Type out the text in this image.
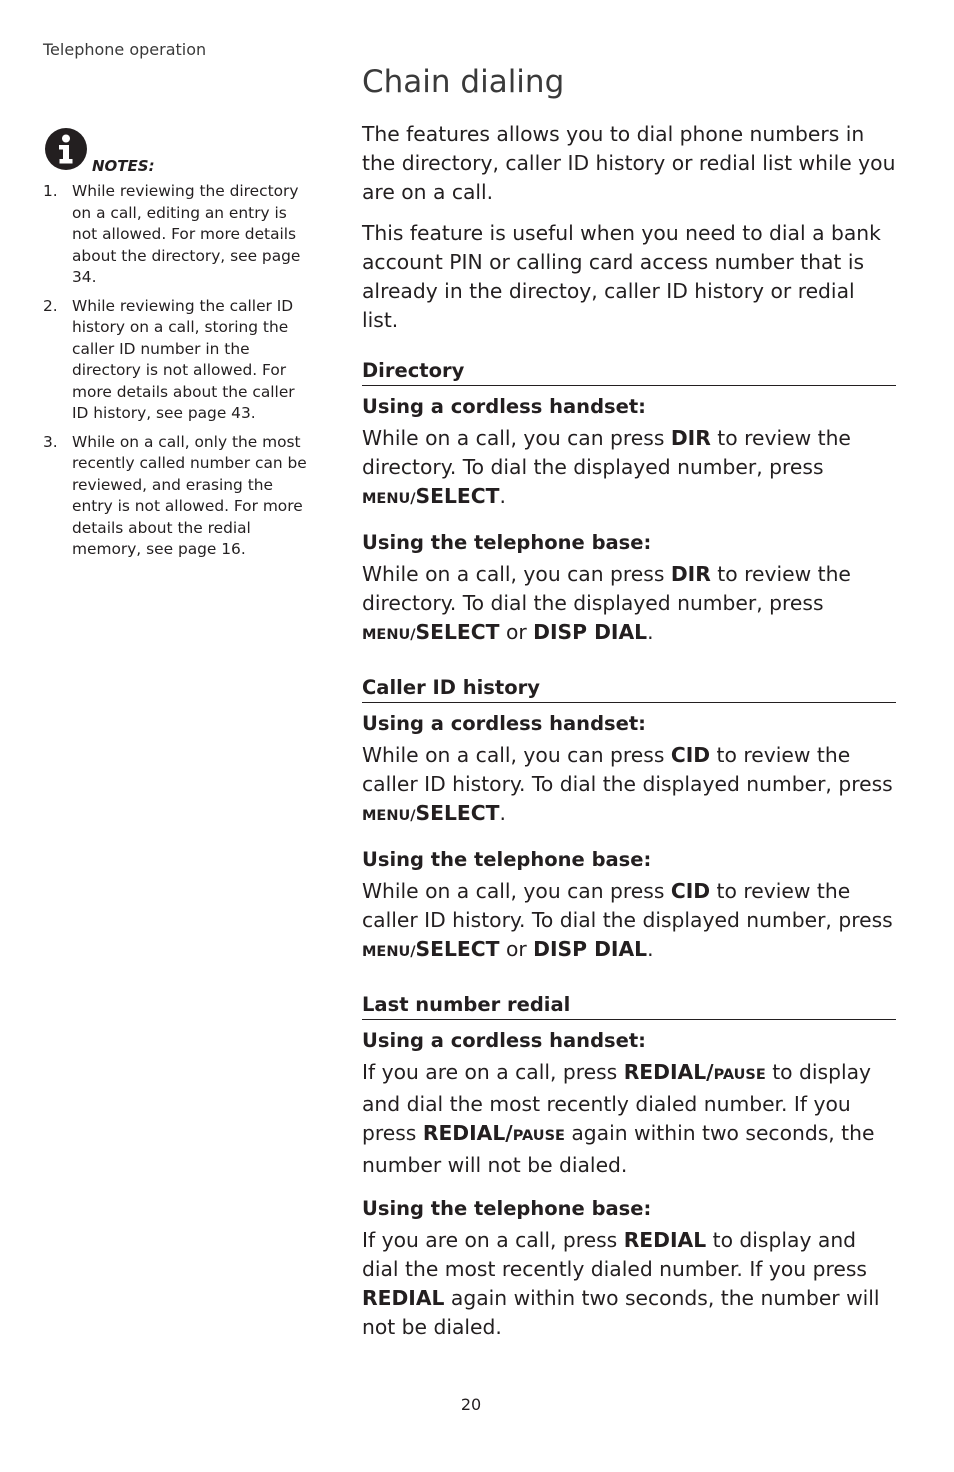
Telephone operation
Chain dialing
NOTES:
1. While reviewing the directory on a call, editing an entry is not allowed. For more details about the directory, see page 34.
2. While reviewing the caller ID history on a call, storing the caller ID number in the directory is not allowed. For more details about the caller ID history, see page 43.
3. While on a call, only the most recently called number can be reviewed, and erasing the entry is not allowed. For more details about the redial memory, see page 16.

The features allows you to dial phone numbers in the directory, caller ID history or redial list while you are on a call.

This feature is useful when you need to dial a bank account PIN or calling card access number that is already in the directoy, caller ID history or redial list.

Directory
Using a cordless handset:

While on a call, you can press DIR to review the directory. To dial the displayed number, press MENU/SELECT.

Using the telephone base:

While on a call, you can press DIR to review the directory. To dial the displayed number, press MENU/SELECT or DISP DIAL.

Caller ID history
Using a cordless handset:

While on a call, you can press CID to review the caller ID history. To dial the displayed number, press MENU/SELECT.

Using the telephone base:

While on a call, you can press CID to review the caller ID history. To dial the displayed number, press MENU/SELECT or DISP DIAL.

Last number redial
Using a cordless handset:

If you are on a call, press REDIAL/PAUSE to display and dial the most recently dialed number. If you press REDIAL/PAUSE again within two seconds, the number will not be dialed.

Using the telephone base:

If you are on a call, press REDIAL to display and dial the most recently dialed number. If you press REDIAL again within two seconds, the number will not be dialed.

20
